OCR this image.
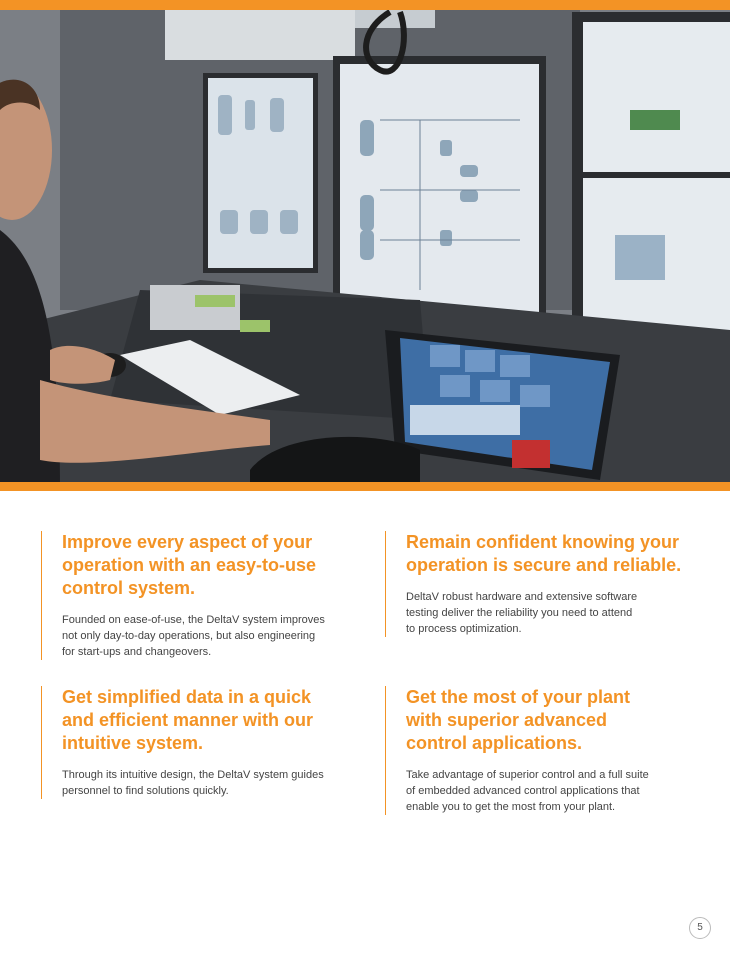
Improve every aspect of your
operation with an easy-to-use
control system.

Founded on ease-of-use, the DeltaV system improves
not only day-to-day operations, but also engineering
for start-ups and changeovers.

Remain confident knowing your
operation is secure and reliable.

DeltaV robust hardware and extensive software
testing deliver the reliability you need to attend
to process optimization.

Get simplified data in a quick
and efficient manner with our
intuitive system.

Through its intuitive design, the DeltaV system guides
personnel to find solutions quickly.

Get the most of your plant
with superior advanced
control applications.

Take advantage of superior control and a full suite
of embedded advanced control applications that
enable you to get the most from your plant.

5
